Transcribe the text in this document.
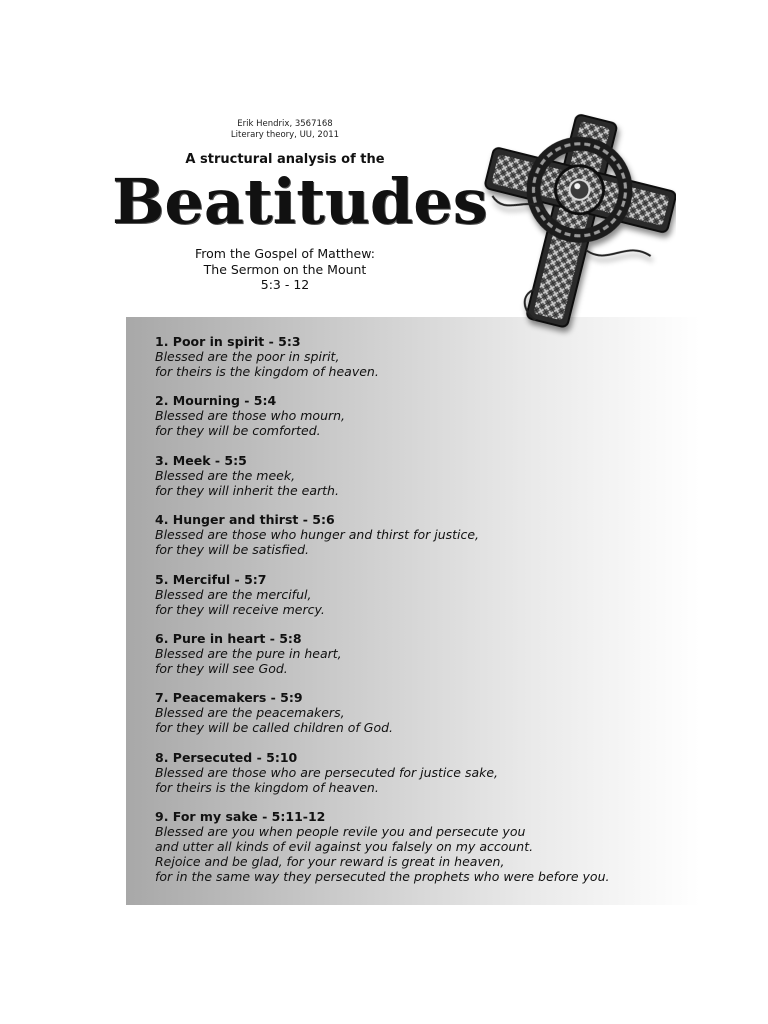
Erik Hendrix, 3567168
Literary theory, UU, 2011
A structural analysis of the
Beatitudes
From the Gospel of Matthew:
The Sermon on the Mount
5:3 - 12
1. Poor in spirit - 5:3
Blessed are the poor in spirit,
for theirs is the kingdom of heaven.
2. Mourning - 5:4
Blessed are those who mourn,
for they will be comforted.
3. Meek - 5:5
Blessed are the meek,
for they will inherit the earth.
4. Hunger and thirst - 5:6
Blessed are those who hunger and thirst for justice,
for they will be satisfied.
5. Merciful - 5:7
Blessed are the merciful,
for they will receive mercy.
6. Pure in heart - 5:8
Blessed are the pure in heart,
for they will see God.
7. Peacemakers - 5:9
Blessed are the peacemakers,
for they will be called children of God.
8. Persecuted - 5:10
Blessed are those who are persecuted for justice sake,
for theirs is the kingdom of heaven.
9. For my sake - 5:11-12
Blessed are you when people revile you and persecute you
and utter all kinds of evil against you falsely on my account.
Rejoice and be glad, for your reward is great in heaven,
for in the same way they persecuted the prophets who were before you.
